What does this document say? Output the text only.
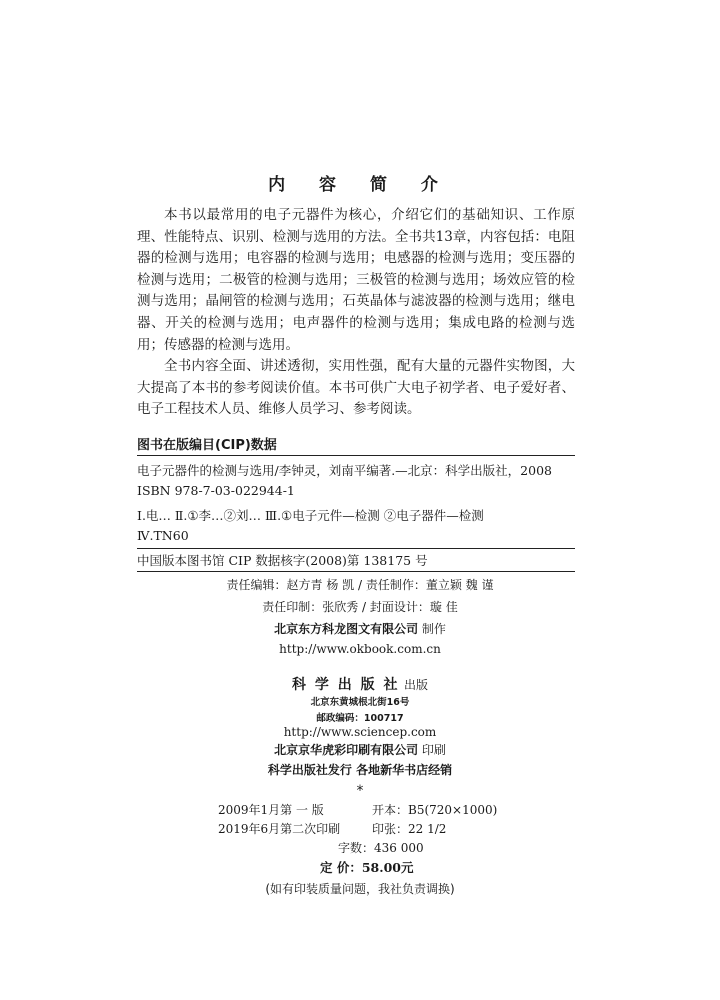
内 容 简 介

本书以最常用的电子元器件为核心，介绍它们的基础知识、工作原理、性能特点、识别、检测与选用的方法。全书共13章，内容包括：电阻器的检测与选用；电容器的检测与选用；电感器的检测与选用；变压器的检测与选用；二极管的检测与选用；三极管的检测与选用；场效应管的检测与选用；晶闸管的检测与选用；石英晶体与滤波器的检测与选用；继电器、开关的检测与选用；电声器件的检测与选用；集成电路的检测与选用；传感器的检测与选用。

全书内容全面、讲述透彻，实用性强，配有大量的元器件实物图，大大提高了本书的参考阅读价值。本书可供广大电子初学者、电子爱好者、电子工程技术人员、维修人员学习、参考阅读。

图书在版编目(CIP)数据
电子元器件的检测与选用/李钟灵，刘南平编著.—北京：科学出版社，2008
ISBN 978-7-03-022944-1
Ⅰ.电… Ⅱ.①李…②刘… Ⅲ.①电子元件—检测 ②电子器件—检测
Ⅳ.TN60
中国版本图书馆 CIP 数据核字(2008)第 138175 号
责任编辑：赵方青 杨 凯 / 责任制作：董立颖 魏 谨
责任印制：张欣秀 / 封面设计：璇 佳
北京东方科龙图文有限公司 制作
http://www.okbook.com.cn
科 学 出 版 社 出版
北京东黄城根北街16号
邮政编码：100717
http://www.sciencep.com
北京京华虎彩印刷有限公司 印刷
科学出版社发行 各地新华书店经销
*
2009年1月第 一 版	开本：B5(720×1000)
2019年6月第二次印刷	印张：22 1/2
字数：436 000
定 价：58.00元
(如有印装质量问题，我社负责调换)
